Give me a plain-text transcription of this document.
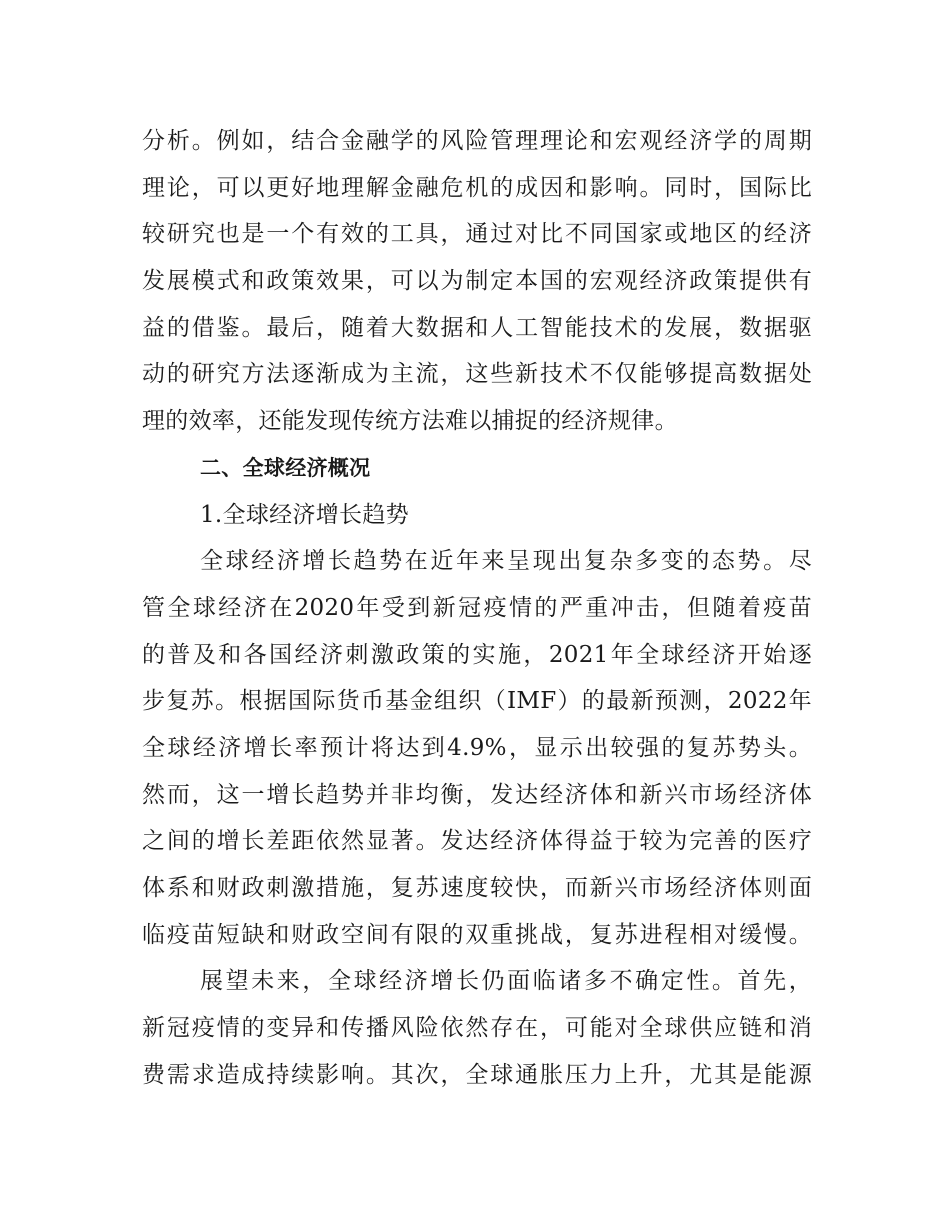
分析。例如，结合金融学的风险管理理论和宏观经济学的周期
理论，可以更好地理解金融危机的成因和影响。同时，国际比
较研究也是一个有效的工具，通过对比不同国家或地区的经济
发展模式和政策效果，可以为制定本国的宏观经济政策提供有
益的借鉴。最后，随着大数据和人工智能技术的发展，数据驱
动的研究方法逐渐成为主流，这些新技术不仅能够提高数据处
理的效率，还能发现传统方法难以捕捉的经济规律。
二、全球经济概况
1.全球经济增长趋势
全球经济增长趋势在近年来呈现出复杂多变的态势。尽
管全球经济在2020年受到新冠疫情的严重冲击，但随着疫苗
的普及和各国经济刺激政策的实施，2021年全球经济开始逐
步复苏。根据国际货币基金组织（IMF）的最新预测，2022年
全球经济增长率预计将达到4.9%，显示出较强的复苏势头。
然而，这一增长趋势并非均衡，发达经济体和新兴市场经济体
之间的增长差距依然显著。发达经济体得益于较为完善的医疗
体系和财政刺激措施，复苏速度较快，而新兴市场经济体则面
临疫苗短缺和财政空间有限的双重挑战，复苏进程相对缓慢。
展望未来，全球经济增长仍面临诸多不确定性。首先，
新冠疫情的变异和传播风险依然存在，可能对全球供应链和消
费需求造成持续影响。其次，全球通胀压力上升，尤其是能源
